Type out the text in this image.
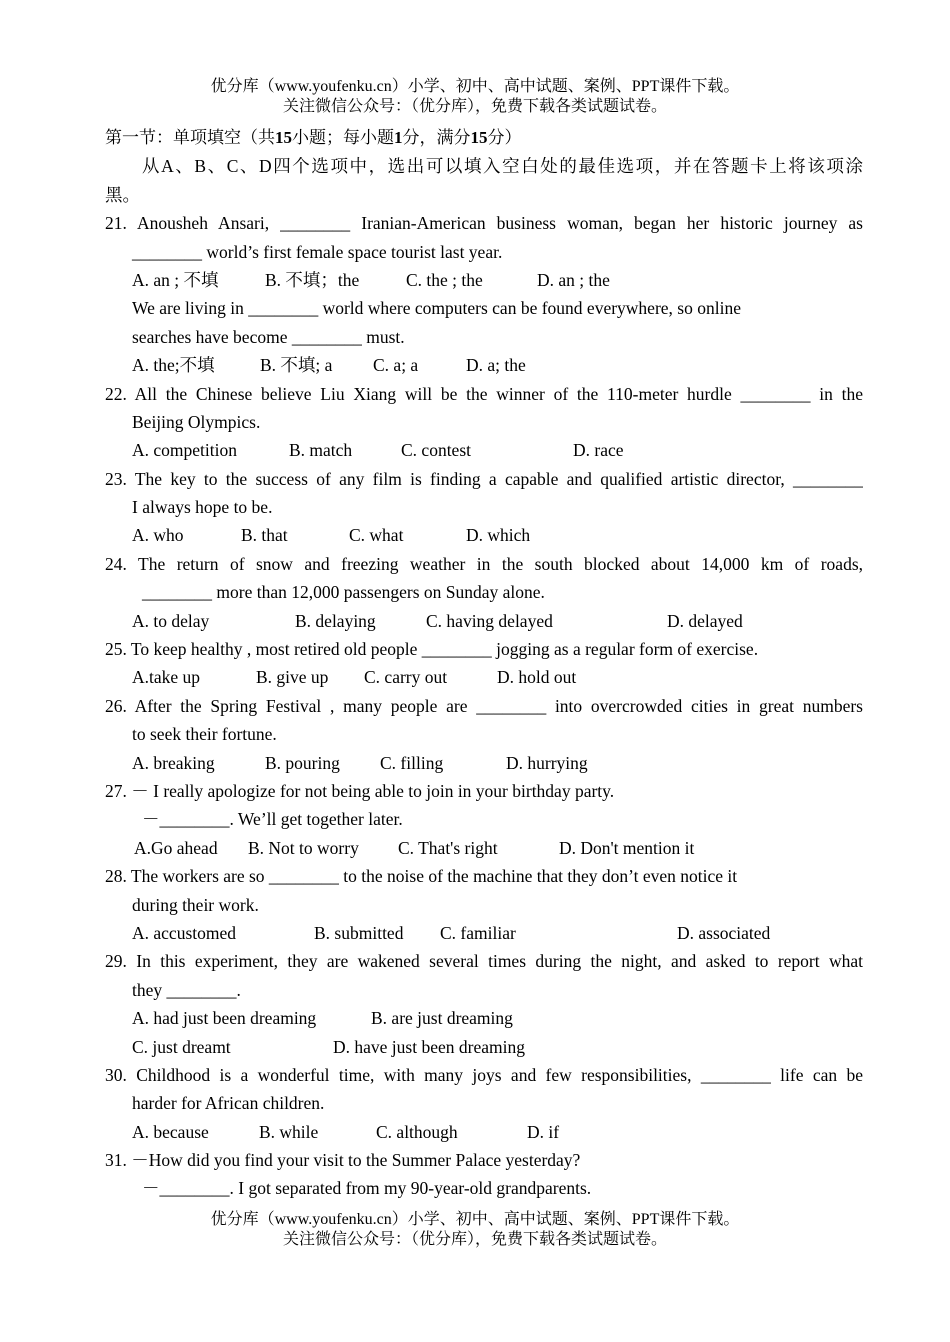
优分库（www.youfenku.cn）小学、初中、高中试题、案例、PPT课件下载。
关注微信公众号：（优分库），免费下载各类试题试卷。
第一节：单项填空（共15小题；每小题1分，满分15分）
从A、B、C、D四个选项中，选出可以填入空白处的最佳选项，并在答题卡上将该项涂
黑。
21. Anousheh Ansari, ________ Iranian-American business woman, began her historic journey as
________ world’s first female space tourist last year.
A. an ; 不填	B. 不填；the	C. the ; the	D. an ; the
We are living in ________ world where computers can be found everywhere, so online
searches have become ________ must.
A. the;不填	B. 不填; a C. a; a	D. a; the
22. All the Chinese believe Liu Xiang will be the winner of the 110-meter hurdle ________ in the
Beijing Olympics.
A. competition	B. match	C. contest	D. race
23. The key to the success of any film is finding a capable and qualified artistic director, ________
I always hope to be.
A. who	B. that	C. what	D. which
24. The return of snow and freezing weather in the south blocked about 14,000 km of roads,
________ more than 12,000 passengers on Sunday alone.
A. to delay	B. delaying	C. having delayed	D. delayed
25. To keep healthy , most retired old people ________ jogging as a regular form of exercise.
A.take up	B. give up C. carry out	D. hold out
26. After the Spring Festival , many people are ________ into overcrowded cities in great numbers
to seek their fortune.
A. breaking	B. pouring C. filling	D. hurrying
27. － I really apologize for not being able to join in your birthday party.
－________. We’ll get together later.
A.Go ahead B. Not to worry C. That's right	D. Don't mention it
28. The workers are so ________ to the noise of the machine that they don’t even notice it
during their work.
A. accustomed	B. submitted C. familiar	D. associated
29. In this experiment, they are wakened several times during the night, and asked to report what
they ________.
A. had just been dreaming	B. are just dreaming
C. just dreamt	D. have just been dreaming
30. Childhood is a wonderful time, with many joys and few responsibilities, ________ life can be
harder for African children.
A. because	B. while	C. although	D. if
31. －How did you find your visit to the Summer Palace yesterday?
－________. I got separated from my 90-year-old grandparents.
优分库（www.youfenku.cn）小学、初中、高中试题、案例、PPT课件下载。
关注微信公众号：（优分库），免费下载各类试题试卷。
